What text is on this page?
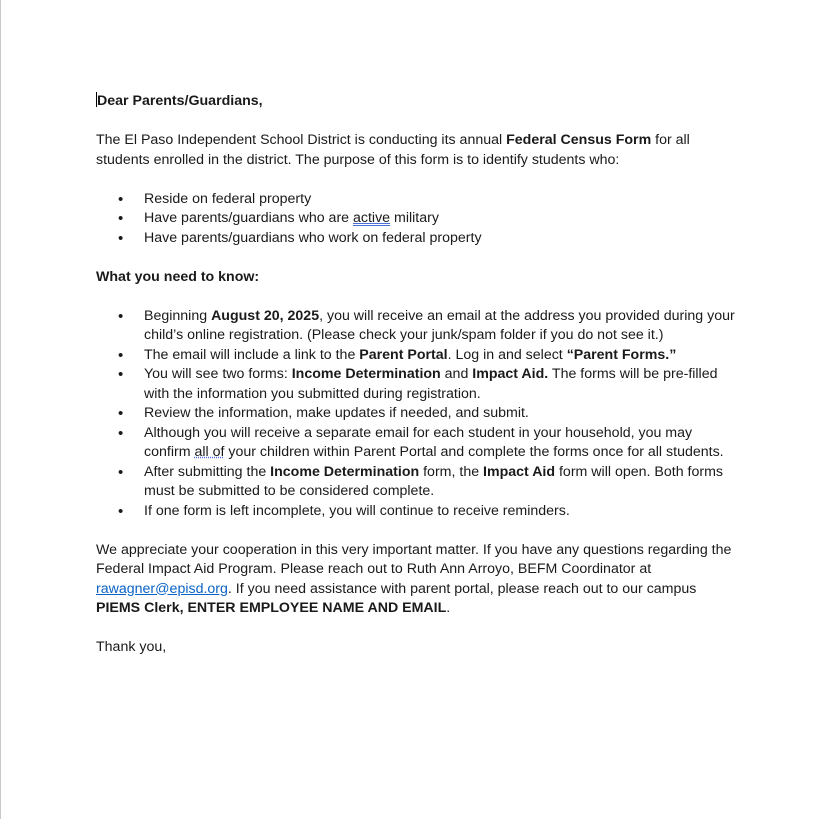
Dear Parents/Guardians,

The El Paso Independent School District is conducting its annual Federal Census Form for all students enrolled in the district. The purpose of this form is to identify students who:

• Reside on federal property
• Have parents/guardians who are active military
• Have parents/guardians who work on federal property

What you need to know:

• Beginning August 20, 2025, you will receive an email at the address you provided during your child’s online registration. (Please check your junk/spam folder if you do not see it.)
• The email will include a link to the Parent Portal. Log in and select “Parent Forms.”
• You will see two forms: Income Determination and Impact Aid. The forms will be pre-filled with the information you submitted during registration.
• Review the information, make updates if needed, and submit.
• Although you will receive a separate email for each student in your household, you may confirm all of your children within Parent Portal and complete the forms once for all students.
• After submitting the Income Determination form, the Impact Aid form will open. Both forms must be submitted to be considered complete.
• If one form is left incomplete, you will continue to receive reminders.

We appreciate your cooperation in this very important matter. If you have any questions regarding the Federal Impact Aid Program. Please reach out to Ruth Ann Arroyo, BEFM Coordinator at rawagner@episd.org. If you need assistance with parent portal, please reach out to our campus PIEMS Clerk, ENTER EMPLOYEE NAME AND EMAIL.

Thank you,
